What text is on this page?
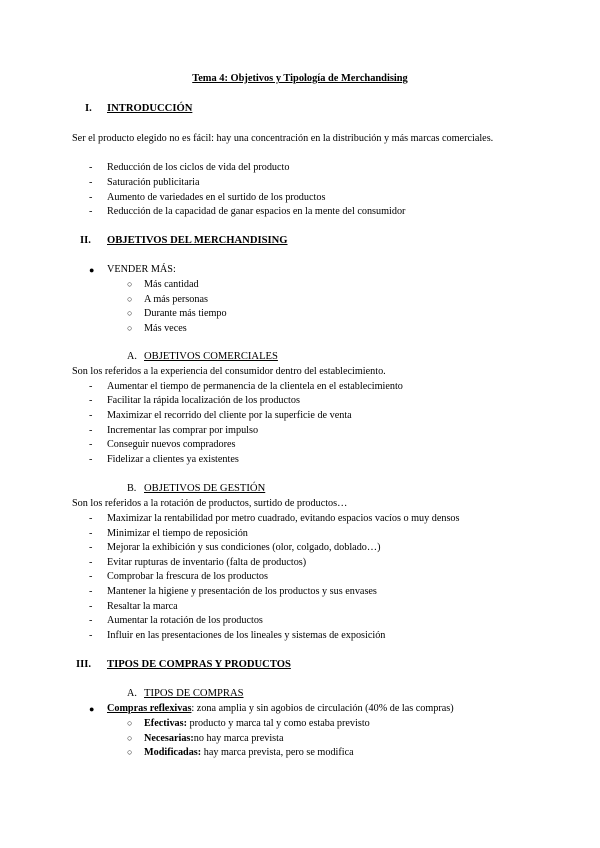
Tema 4: Objetivos y Tipología de Merchandising
I. INTRODUCCIÓN
Ser el producto elegido no es fácil: hay una concentración en la distribución y más marcas comerciales.
- Reducción de los ciclos de vida del producto
- Saturación publicitaria
- Aumento de variedades en el surtido de los productos
- Reducción de la capacidad de ganar espacios en la mente del consumidor
II. OBJETIVOS DEL MERCHANDISING
● VENDER MÁS:
○ Más cantidad
○ A más personas
○ Durante más tiempo
○ Más veces
A. OBJETIVOS COMERCIALES
Son los referidos a la experiencia del consumidor dentro del establecimiento.
- Aumentar el tiempo de permanencia de la clientela en el establecimiento
- Facilitar la rápida localización de los productos
- Maximizar el recorrido del cliente por la superficie de venta
- Incrementar las comprar por impulso
- Conseguir nuevos compradores
- Fidelizar a clientes ya existentes
B. OBJETIVOS DE GESTIÓN
Son los referidos a la rotación de productos, surtido de productos…
- Maximizar la rentabilidad por metro cuadrado, evitando espacios vacíos o muy densos
- Minimizar el tiempo de reposición
- Mejorar la exhibición y sus condiciones (olor, colgado, doblado…)
- Evitar rupturas de inventario (falta de productos)
- Comprobar la frescura de los productos
- Mantener la higiene y presentación de los productos y sus envases
- Resaltar la marca
- Aumentar la rotación de los productos
- Influir en las presentaciones de los lineales y sistemas de exposición
III. TIPOS DE COMPRAS Y PRODUCTOS
A. TIPOS DE COMPRAS
● Compras reflexivas: zona amplia y sin agobios de circulación (40% de las compras)
○ Efectivas: producto y marca tal y como estaba previsto
○ Necesarias:no hay marca prevista
○ Modificadas: hay marca prevista, pero se modifica
